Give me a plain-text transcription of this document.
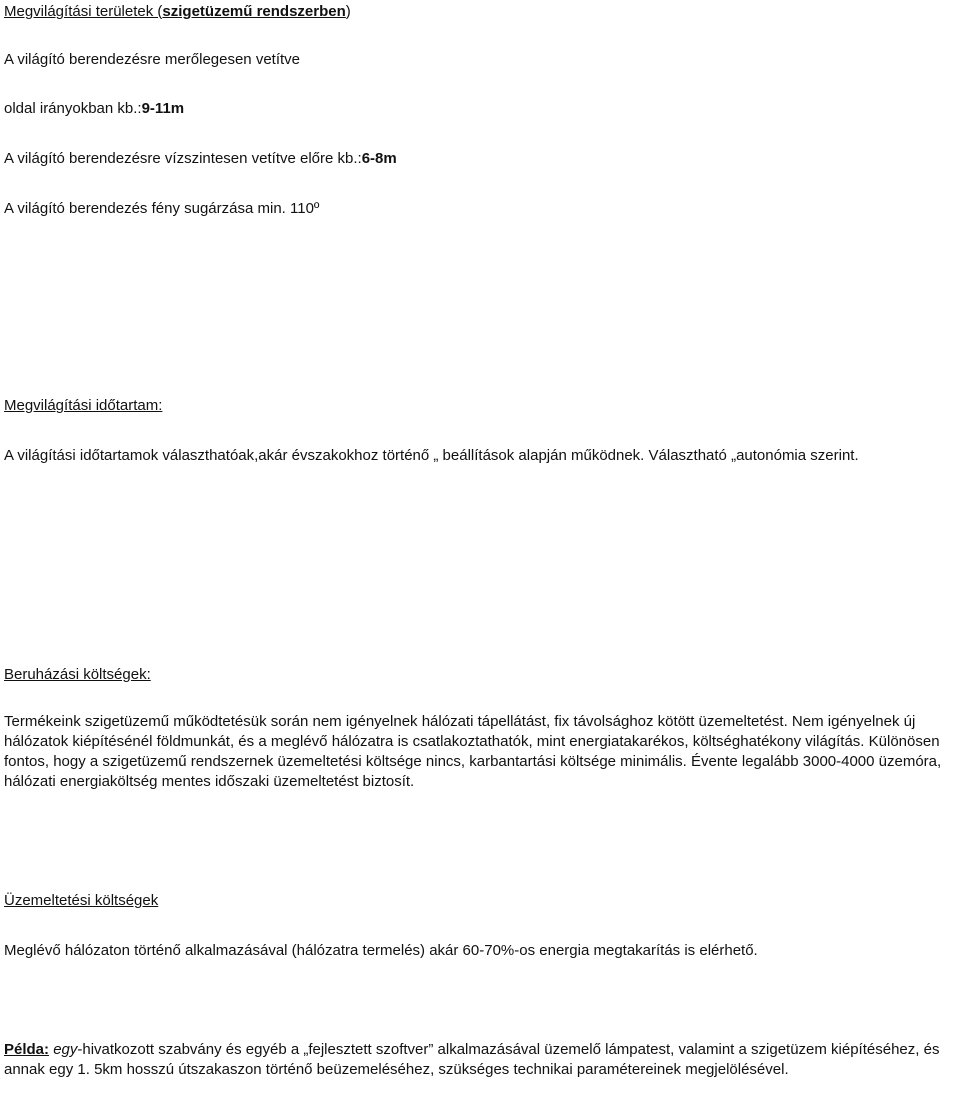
Megvilágítási területek (szigetüzemű rendszerben)
A világító berendezésre merőlegesen vetítve
oldal irányokban kb.:9-11m
A világító berendezésre vízszintesen vetítve előre kb.:6-8m
A világító berendezés fény sugárzása min. 110º
Megvilágítási időtartam:
A világítási időtartamok választhatóak,akár évszakokhoz történő „ beállítások alapján működnek. Választható „autonómia szerint.
Beruházási költségek:
Termékeink szigetüzemű működtetésük során nem igényelnek hálózati tápellátást, fix távolsághoz kötött üzemeltetést. Nem igényelnek új hálózatok kiépítésénél földmunkát, és a meglévő hálózatra is csatlakoztathatók, mint energiatakarékos, költséghatékony világítás. Különösen fontos, hogy a szigetüzemű rendszernek üzemeltetési költsége nincs, karbantartási költsége minimális. Évente legalább 3000-4000 üzemóra, hálózati energiaköltség mentes időszaki üzemeltetést biztosít.
Üzemeltetési költségek
Meglévő hálózaton történő alkalmazásával (hálózatra termelés) akár 60-70%-os energia megtakarítás is elérhető.
Példa: egy-hivatkozott szabvány és egyéb a „fejlesztett szoftver” alkalmazásával üzemelő lámpatest, valamint a szigetüzem kiépítéséhez, és annak egy 1. 5km hosszú útszakaszon történő beüzemeléséhez, szükséges technikai paramétereinek megjelölésével.
